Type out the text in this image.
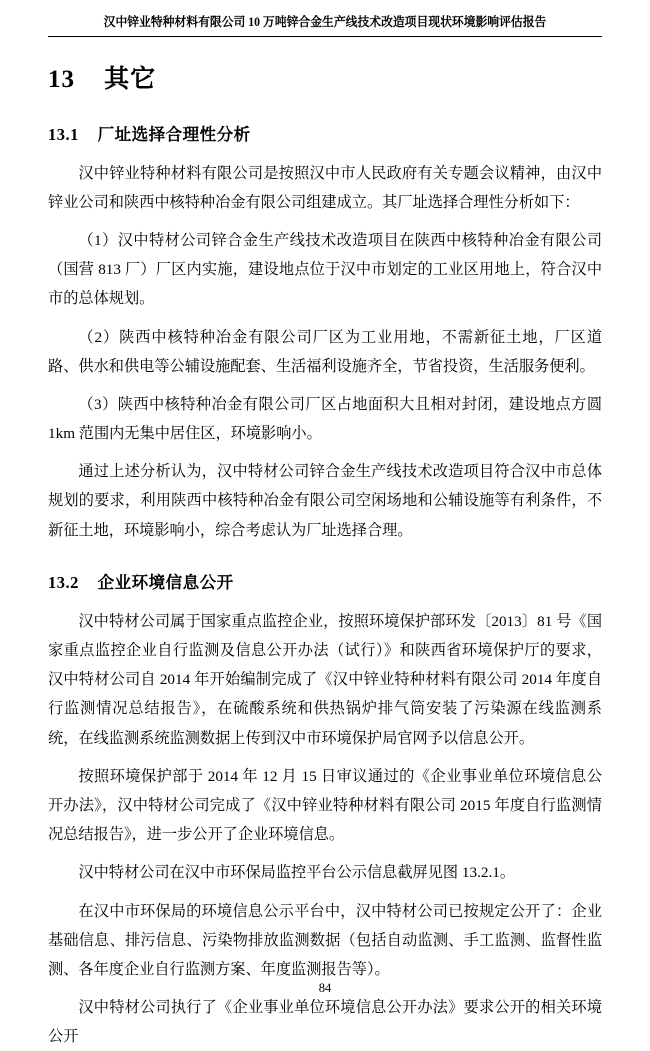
汉中锌业特种材料有限公司 10 万吨锌合金生产线技术改造项目现状环境影响评估报告
13 其它
13.1 厂址选择合理性分析

汉中锌业特种材料有限公司是按照汉中市人民政府有关专题会议精神，由汉中锌业公司和陕西中核特种冶金有限公司组建成立。其厂址选择合理性分析如下：

（1）汉中特材公司锌合金生产线技术改造项目在陕西中核特种冶金有限公司（国营 813 厂）厂区内实施，建设地点位于汉中市划定的工业区用地上，符合汉中市的总体规划。

（2）陕西中核特种冶金有限公司厂区为工业用地，不需新征土地，厂区道路、供水和供电等公辅设施配套、生活福利设施齐全，节省投资，生活服务便利。

（3）陕西中核特种冶金有限公司厂区占地面积大且相对封闭，建设地点方圆 1km 范围内无集中居住区，环境影响小。

通过上述分析认为，汉中特材公司锌合金生产线技术改造项目符合汉中市总体规划的要求，利用陕西中核特种冶金有限公司空闲场地和公辅设施等有利条件，不新征土地，环境影响小，综合考虑认为厂址选择合理。

13.2 企业环境信息公开

汉中特材公司属于国家重点监控企业，按照环境保护部环发〔2013〕81 号《国家重点监控企业自行监测及信息公开办法（试行）》和陕西省环境保护厅的要求，汉中特材公司自 2014 年开始编制完成了《汉中锌业特种材料有限公司 2014 年度自行监测情况总结报告》，在硫酸系统和供热锅炉排气筒安装了污染源在线监测系统，在线监测系统监测数据上传到汉中市环境保护局官网予以信息公开。

按照环境保护部于 2014 年 12 月 15 日审议通过的《企业事业单位环境信息公开办法》，汉中特材公司完成了《汉中锌业特种材料有限公司 2015 年度自行监测情况总结报告》，进一步公开了企业环境信息。

汉中特材公司在汉中市环保局监控平台公示信息截屏见图 13.2.1。

在汉中市环保局的环境信息公示平台中，汉中特材公司已按规定公开了：企业基础信息、排污信息、污染物排放监测数据（包括自动监测、手工监测、监督性监测、各年度企业自行监测方案、年度监测报告等）。

汉中特材公司执行了《企业事业单位环境信息公开办法》要求公开的相关环境公开

84
